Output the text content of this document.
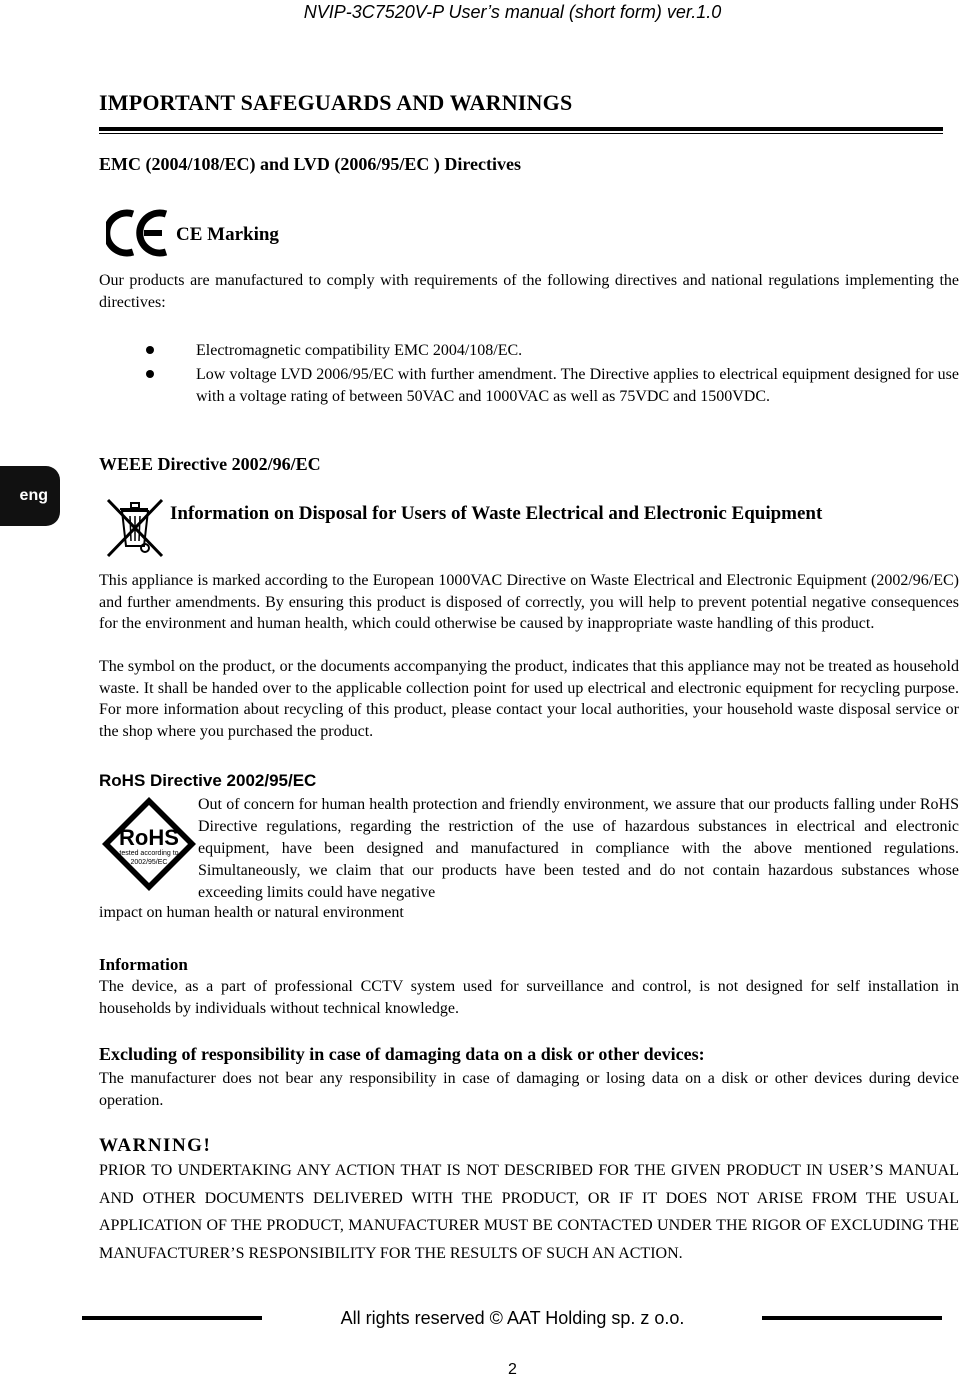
NVIP-3C7520V-P User’s manual (short form) ver.1.0
IMPORTANT SAFEGUARDS AND WARNINGS
EMC (2004/108/EC) and LVD (2006/95/EC ) Directives
CE Marking
Our products are manufactured to comply with requirements of the following directives and national regulations implementing the directives:
Electromagnetic compatibility EMC 2004/108/EC.
Low voltage LVD 2006/95/EC with further amendment. The Directive applies to electrical equipment designed for use with a voltage rating of between 50VAC and 1000VAC as well as 75VDC and 1500VDC.
eng
WEEE Directive 2002/96/EC
Information on Disposal for Users of Waste Electrical and Electronic Equipment
This appliance is marked according to the European 1000VAC Directive on Waste Electrical and Electronic Equipment (2002/96/EC) and further amendments. By ensuring this product is disposed of correctly, you will help to prevent potential negative consequences for the environment and human health, which could otherwise be caused by inappropriate waste handling of this product.
The symbol on the product, or the documents accompanying the product, indicates that this appliance may not be treated as household waste. It shall be handed over to the applicable collection point for used up electrical and electronic equipment for recycling purpose. For more information about recycling of this product, please contact your local authorities, your household waste disposal service or the shop where you purchased the product.
RoHS Directive 2002/95/EC
RoHS
tested according to
2002/95/EC
Out of concern for human health protection and friendly environment, we assure that our products falling under RoHS Directive regulations, regarding the restriction of the use of hazardous substances in electrical and electronic equipment, have been designed and manufactured in compliance with the above mentioned regulations. Simultaneously, we claim that our products have been tested and do not contain hazardous substances whose exceeding limits could have negative
impact on human health or natural environment
Information
The device, as a part of professional CCTV system used for surveillance and control, is not designed for self installation in households by individuals without technical knowledge.
Excluding of responsibility in case of damaging data on a disk or other devices:
The manufacturer does not bear any responsibility in case of damaging or losing data on a disk or other devices during device operation.
WARNING!
PRIOR TO UNDERTAKING ANY ACTION THAT IS NOT DESCRIBED FOR THE GIVEN PRODUCT IN USER’S MANUAL AND OTHER DOCUMENTS DELIVERED WITH THE PRODUCT, OR IF IT DOES NOT ARISE FROM THE USUAL APPLICATION OF THE PRODUCT, MANUFACTURER MUST BE CONTACTED UNDER THE RIGOR OF EXCLUDING THE MANUFACTURER’S RESPONSIBILITY FOR THE RESULTS OF SUCH AN ACTION.
All rights reserved © AAT Holding sp. z o.o.
2
